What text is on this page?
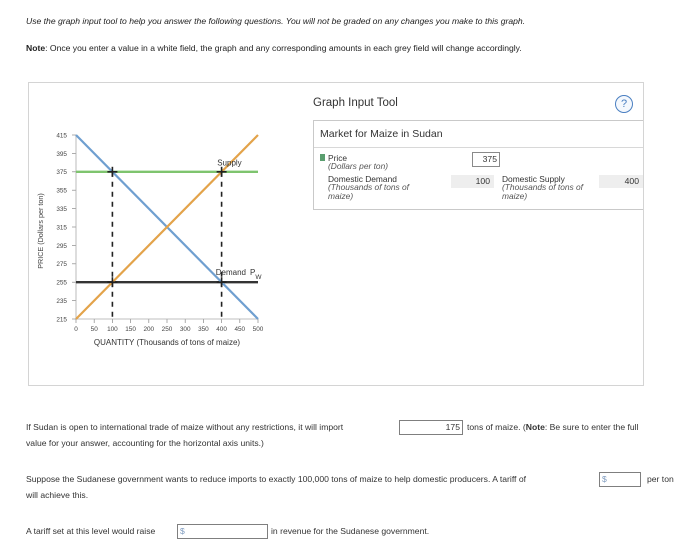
Use the graph input tool to help you answer the following questions. You will not be graded on any changes you make to this graph.
Note: Once you enter a value in a white field, the graph and any corresponding amounts in each grey field will change accordingly.
PRICE (Dollars per ton)
QUANTITY (Thousands of tons of maize)
415
395
375
355
335
315
295
275
255
235
215
0 50 100 150 200 250 300 350 400 450 500
Supply
Demand $P_W$
Graph Input Tool	?
Market for Maize in Sudan
Price
(Dollars per ton)
375
Domestic Demand
(Thousands of tons of maize)
100	Domestic Supply
(Thousands of tons of maize)
400
If Sudan is open to international trade of maize without any restrictions, it will import	175 tons of maize. (Note: Be sure to enter the full
value for your answer, accounting for the horizontal axis units.)
Suppose the Sudanese government wants to reduce imports to exactly 100,000 tons of maize to help domestic producers. A tariff of	$	per ton
will achieve this.
A tariff set at this level would raise	$	in revenue for the Sudanese government.
